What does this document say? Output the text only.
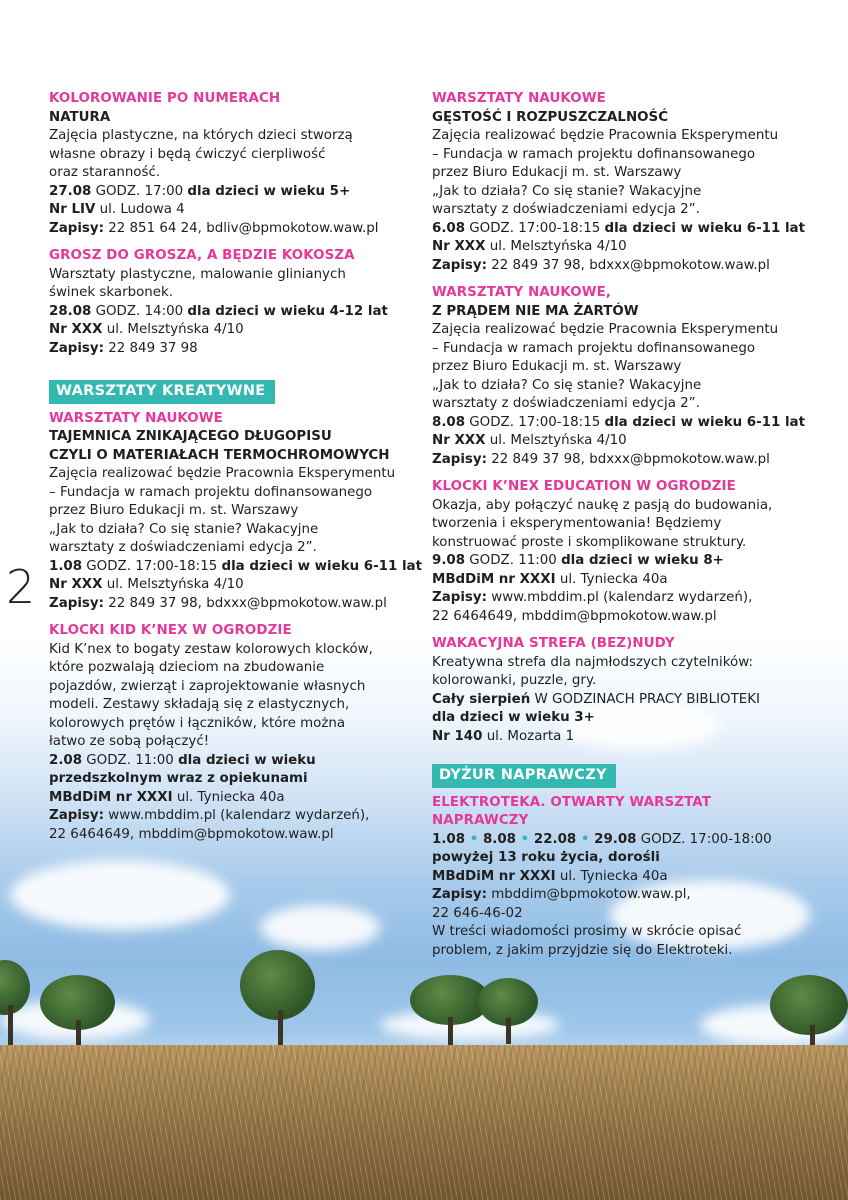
2

KOLOROWANIE PO NUMERACH

NATURA

Zajęcia plastyczne, na których dzieci stworzą

własne obrazy i będą ćwiczyć cierpliwość

oraz staranność.

27.08 GODZ. 17:00 dla dzieci w wieku 5+

Nr LIV ul. Ludowa 4

Zapisy: 22 851 64 24, bdliv@bpmokotow.waw.pl

GROSZ DO GROSZA, A BĘDZIE KOKOSZA

Warsztaty plastyczne, malowanie glinianych

świnek skarbonek.

28.08 GODZ. 14:00 dla dzieci w wieku 4-12 lat

Nr XXX ul. Melsztyńska 4/10

Zapisy: 22 849 37 98

WARSZTATY KREATYWNE

WARSZTATY NAUKOWE

TAJEMNICA ZNIKAJĄCEGO DŁUGOPISU

CZYLI O MATERIAŁACH TERMOCHROMOWYCH

Zajęcia realizować będzie Pracownia Eksperymentu

– Fundacja w ramach projektu dofinansowanego

przez Biuro Edukacji m. st. Warszawy

„Jak to działa? Co się stanie? Wakacyjne

warsztaty z doświadczeniami edycja 2”.

1.08 GODZ. 17:00-18:15 dla dzieci w wieku 6-11 lat

Nr XXX ul. Melsztyńska 4/10

Zapisy: 22 849 37 98, bdxxx@bpmokotow.waw.pl

KLOCKI KID K’NEX W OGRODZIE

Kid K’nex to bogaty zestaw kolorowych klocków,

które pozwalają dzieciom na zbudowanie

pojazdów, zwierząt i zaprojektowanie własnych

modeli. Zestawy składają się z elastycznych,

kolorowych prętów i łączników, które można

łatwo ze sobą połączyć!

2.08 GODZ. 11:00 dla dzieci w wieku

przedszkolnym wraz z opiekunami

MBdDiM nr XXXI ul. Tyniecka 40a

Zapisy: www.mbddim.pl (kalendarz wydarzeń),

22 6464649, mbddim@bpmokotow.waw.pl

WARSZTATY NAUKOWE

GĘSTOŚĆ I ROZPUSZCZALNOŚĆ

Zajęcia realizować będzie Pracownia Eksperymentu

– Fundacja w ramach projektu dofinansowanego

przez Biuro Edukacji m. st. Warszawy

„Jak to działa? Co się stanie? Wakacyjne

warsztaty z doświadczeniami edycja 2”.

6.08 GODZ. 17:00-18:15 dla dzieci w wieku 6-11 lat

Nr XXX ul. Melsztyńska 4/10

Zapisy: 22 849 37 98, bdxxx@bpmokotow.waw.pl

WARSZTATY NAUKOWE,

Z PRĄDEM NIE MA ŻARTÓW

Zajęcia realizować będzie Pracownia Eksperymentu

– Fundacja w ramach projektu dofinansowanego

przez Biuro Edukacji m. st. Warszawy

„Jak to działa? Co się stanie? Wakacyjne

warsztaty z doświadczeniami edycja 2”.

8.08 GODZ. 17:00-18:15 dla dzieci w wieku 6-11 lat

Nr XXX ul. Melsztyńska 4/10

Zapisy: 22 849 37 98, bdxxx@bpmokotow.waw.pl

KLOCKI K’NEX EDUCATION W OGRODZIE

Okazja, aby połączyć naukę z pasją do budowania,

tworzenia i eksperymentowania! Będziemy

konstruować proste i skomplikowane struktury.

9.08 GODZ. 11:00 dla dzieci w wieku 8+

MBdDiM nr XXXI ul. Tyniecka 40a

Zapisy: www.mbddim.pl (kalendarz wydarzeń),

22 6464649, mbddim@bpmokotow.waw.pl

WAKACYJNA STREFA (BEZ)NUDY

Kreatywna strefa dla najmłodszych czytelników:

kolorowanki, puzzle, gry.

Cały sierpień W GODZINACH PRACY BIBLIOTEKI

dla dzieci w wieku 3+

Nr 140 ul. Mozarta 1

DYŻUR NAPRAWCZY

ELEKTROTEKA. OTWARTY WARSZTAT NAPRAWCZY

1.08 • 8.08 • 22.08 • 29.08 GODZ. 17:00-18:00

powyżej 13 roku życia, dorośli

MBdDiM nr XXXI ul. Tyniecka 40a

Zapisy: mbddim@bpmokotow.waw.pl,

22 646-46-02

W treści wiadomości prosimy w skrócie opisać

problem, z jakim przyjdzie się do Elektroteki.
